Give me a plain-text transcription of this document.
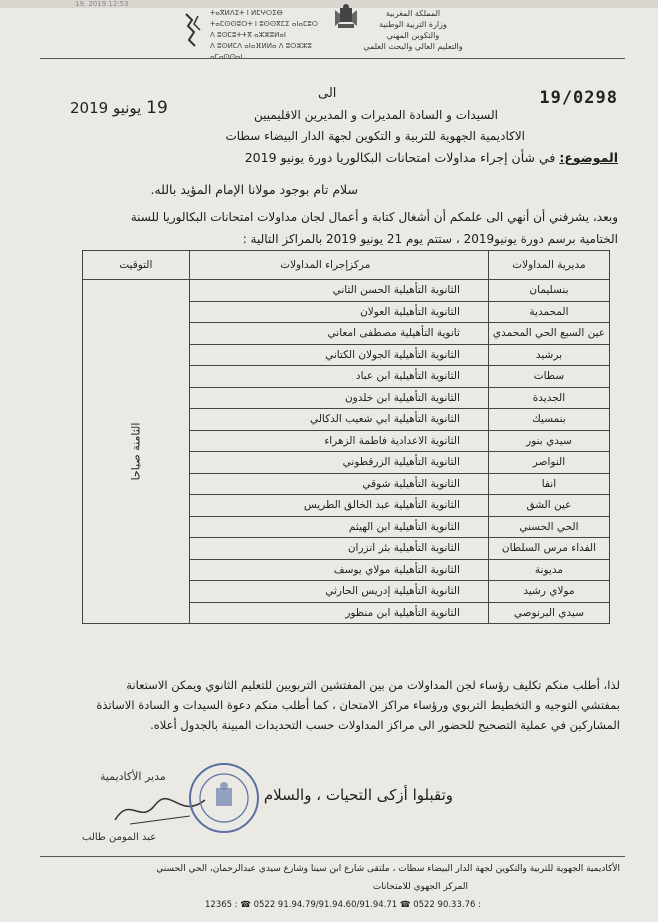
19. 2019 12:53
ⵜⴰⴳⵍⴷⵉⵜ ⵏ ⵍⵎⵖⵔⵉⴱ
ⵜⴰⵎⵙⵙⵓⵔⵜ ⵏ ⵓⵙⵙⴳⵎⵉ ⴰⵏⴰⵎⵓⵔ
ⴷ ⵓⵙⵎⵓⵜⵜⴳ ⴰⵣⵣⵓⵍⴰⵏ
ⴷ ⵓⵙⵍⵎⴷ ⴰⵏⴰⴼⵍⵍⴰ ⴷ ⵓⵔⵣⵣⵓ ⴰⵎⴰⵙⵙⴰⵏ
المملكة المغربية
وزارة التربية الوطنية
والتكوين المهني
والتعليم العالي والبحث العلمي
19/0298
19 يونيو 2019
الى
السيدات و السادة المديرات و المديرين الاقليميين
الاكاديمية الجهوية للتربية و التكوين لجهة الدار البيضاء سطات
الموضوع: في شأن إجراء مداولات امتحانات البكالوريا دورة يونيو 2019
سلام تام بوجود مولانا الإمام المؤيد بالله.
وبعد، يشرفني أن أنهي الى علمكم أن أشغال كتابة و أعمال لجان مداولات امتحانات البكالوريا للسنة
الختامية برسم دورة يونيو2019 ، ستتم يوم 21 يونيو 2019 بالمراكز التالية :
مديرية المداولات	مركزإجراء المداولات	التوقيت
بنسليمان	الثانوية التأهيلية الحسن الثاني	الثامنة صباحا
المحمدية	الثانوية التأهيلية العولان	
عين السبع الحي المحمدي	ثانوية التأهيلية مصطفى امعاني	
برشيد	الثانوية التأهيلية الجولان الكتاني	
سطات	الثانوية التأهيلية ابن عباد	
الجديدة	الثانوية التأهيلية ابن خلدون	
بنمسيك	الثانوية التأهيلية ابي شعيب الدكالي	
سيدي بنور	الثانوية الاعدادية فاطمة الزهراء	
النواصر	الثانوية التأهيلية الزرقطوني	
انفا	الثانوية التأهيلية شوقي	
عين الشق	الثانوية التأهيلية عبد الخالق الطريس	
الحي الحسني	الثانوية التأهيلية ابن الهيثم	
الفداء مرس السلطان	الثانوية التأهيلية بئر انزران	
مديونة	الثانوية التأهيلية مولاي يوسف	
مولاي رشيد	الثانوية التأهيلية إدريس الحارثي	
سيدي البرنوصي	الثانوية التأهيلية ابن منظور	
لذا، أطلب منكم تكليف رؤساء لجن المداولات من بين المفتشين التربويين للتعليم الثانوي ويمكن الاستعانة
بمفتشي التوجيه و التخطيط التربوي ورؤساء مراكز الامتحان ، كما أطلب منكم دعوة السيدات و السادة الاساتذة
المشاركين في عملية التصحيح للحضور الى مراكز المداولات حسب التحديدات المبينة بالجدول أعلاه.
وتقبلوا أزكى التحيات ، والسلام
مدير الأكاديمية
عبد المومن طالب
الأكاديمية الجهوية للتربية والتكوين لجهة الدار البيضاء سطات ، ملتقى شارع ابن سينا وشارع سيدي عبدالرحمان، الحي الحسني
المركز الجهوي للامتحانات
12365 : ☎ 0522 91.94.79/91.94.60/91.94.71 ☎ 0522 90.33.76 :
